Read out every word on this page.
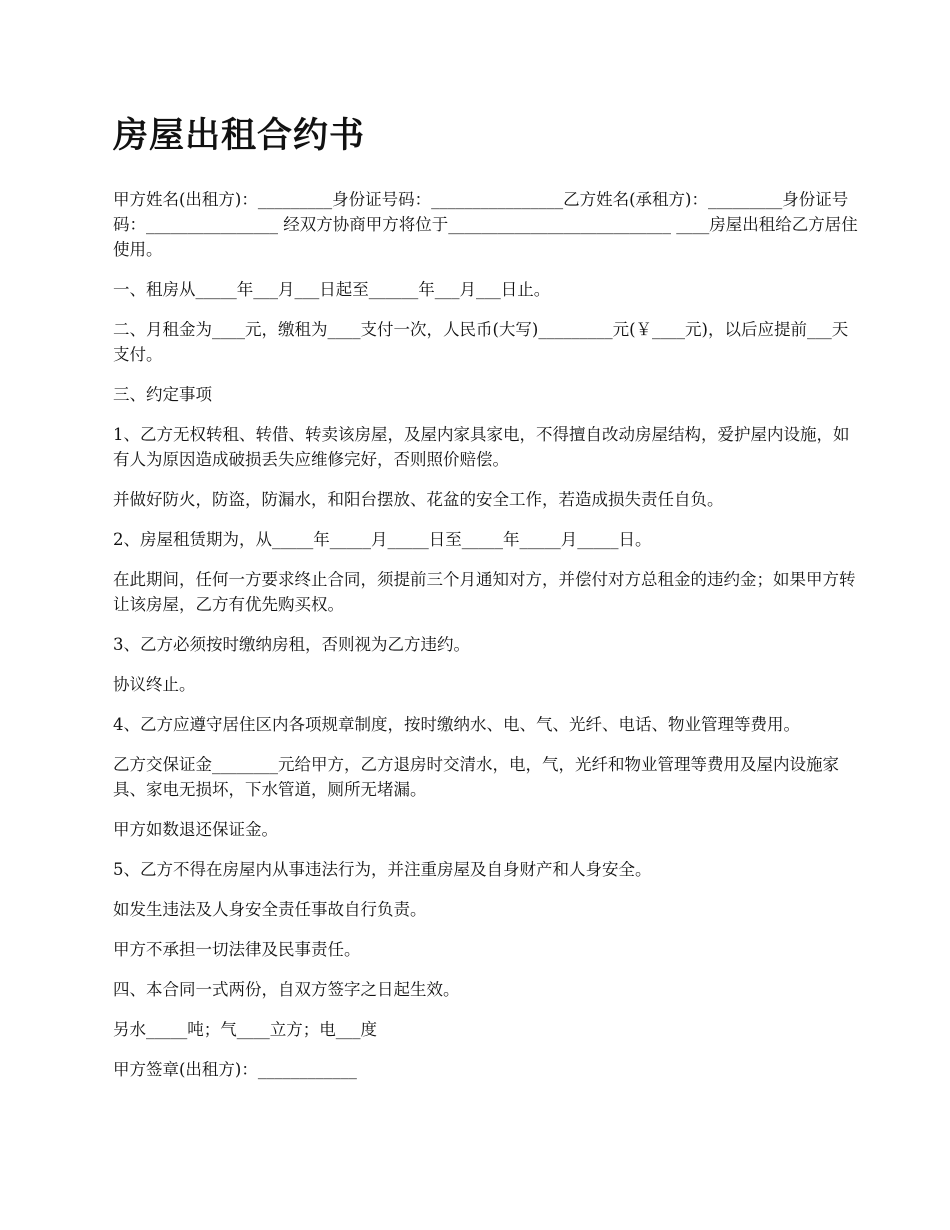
房屋出租合约书

甲方姓名(出租方)：_________身份证号码：________________乙方姓名(承租方)：_________身份证号码：________________ 经双方协商甲方将位于___________________________ ____房屋出租给乙方居住使用。

一、租房从_____年___月___日起至______年___月___日止。

二、月租金为____元，缴租为____支付一次，人民币(大写)_________元(￥____元)，以后应提前___天支付。

三、约定事项

1、乙方无权转租、转借、转卖该房屋，及屋内家具家电，不得擅自改动房屋结构，爱护屋内设施，如有人为原因造成破损丢失应维修完好，否则照价赔偿。

并做好防火，防盗，防漏水，和阳台摆放、花盆的安全工作，若造成损失责任自负。

2、房屋租赁期为，从_____年_____月_____日至_____年_____月_____日。

在此期间，任何一方要求终止合同，须提前三个月通知对方，并偿付对方总租金的违约金；如果甲方转让该房屋，乙方有优先购买权。

3、乙方必须按时缴纳房租，否则视为乙方违约。

协议终止。

4、乙方应遵守居住区内各项规章制度，按时缴纳水、电、气、光纤、电话、物业管理等费用。

乙方交保证金________元给甲方，乙方退房时交清水，电，气，光纤和物业管理等费用及屋内设施家具、家电无损坏，下水管道，厕所无堵漏。

甲方如数退还保证金。

5、乙方不得在房屋内从事违法行为，并注重房屋及自身财产和人身安全。

如发生违法及人身安全责任事故自行负责。

甲方不承担一切法律及民事责任。

四、本合同一式两份，自双方签字之日起生效。

另水_____吨；气____立方；电___度

甲方签章(出租方)：____________
